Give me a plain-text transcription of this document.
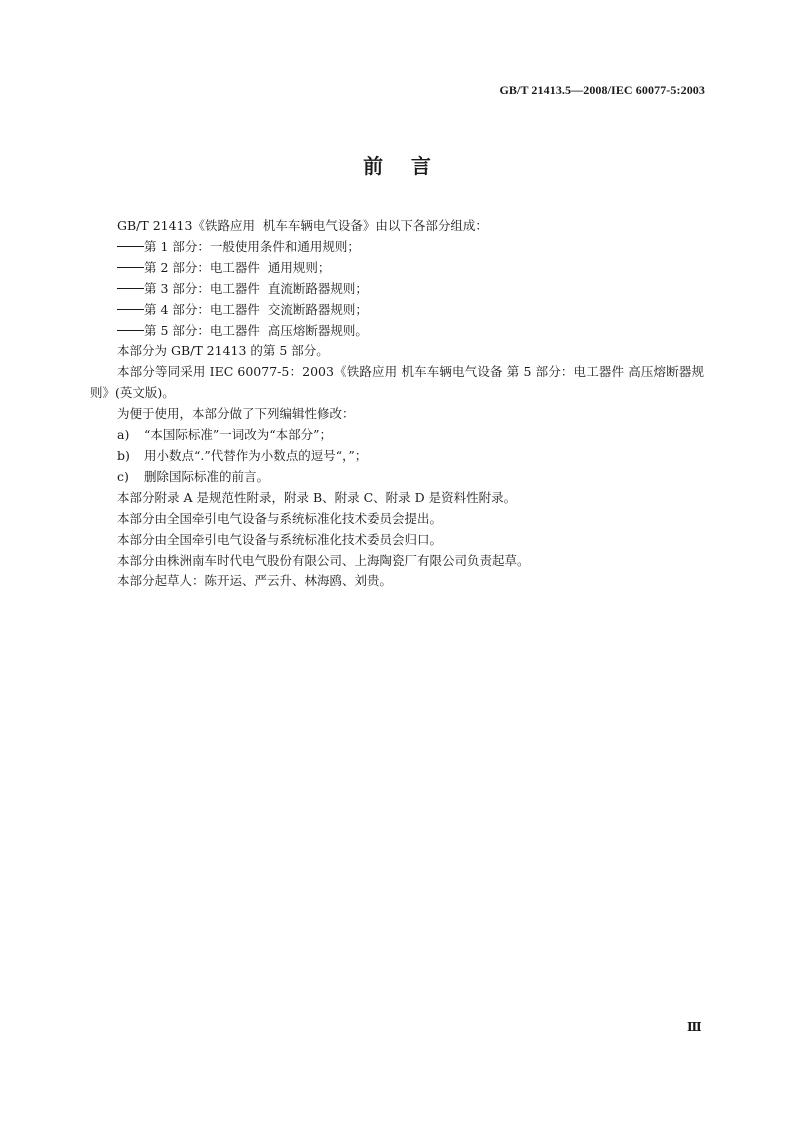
GB/T 21413.5—2008/IEC 60077-5:2003
前    言

GB/T 21413《铁路应用  机车车辆电气设备》由以下各部分组成：

第 1 部分：一般使用条件和通用规则；

第 2 部分：电工器件  通用规则；

第 3 部分：电工器件  直流断路器规则；

第 4 部分：电工器件  交流断路器规则；

第 5 部分：电工器件  高压熔断器规则。

本部分为 GB/T 21413 的第 5 部分。

本部分等同采用 IEC 60077-5：2003《铁路应用 机车车辆电气设备 第 5 部分：电工器件 高压熔断器规则》(英文版)。

为便于使用，本部分做了下列编辑性修改：

a) “本国际标准”一词改为“本部分”；

b) 用小数点“.”代替作为小数点的逗号“，”；

c) 删除国际标准的前言。

本部分附录 A 是规范性附录，附录 B、附录 C、附录 D 是资料性附录。

本部分由全国牵引电气设备与系统标准化技术委员会提出。

本部分由全国牵引电气设备与系统标准化技术委员会归口。

本部分由株洲南车时代电气股份有限公司、上海陶瓷厂有限公司负责起草。

本部分起草人：陈开运、严云升、林海鸥、刘贵。

Ⅲ
